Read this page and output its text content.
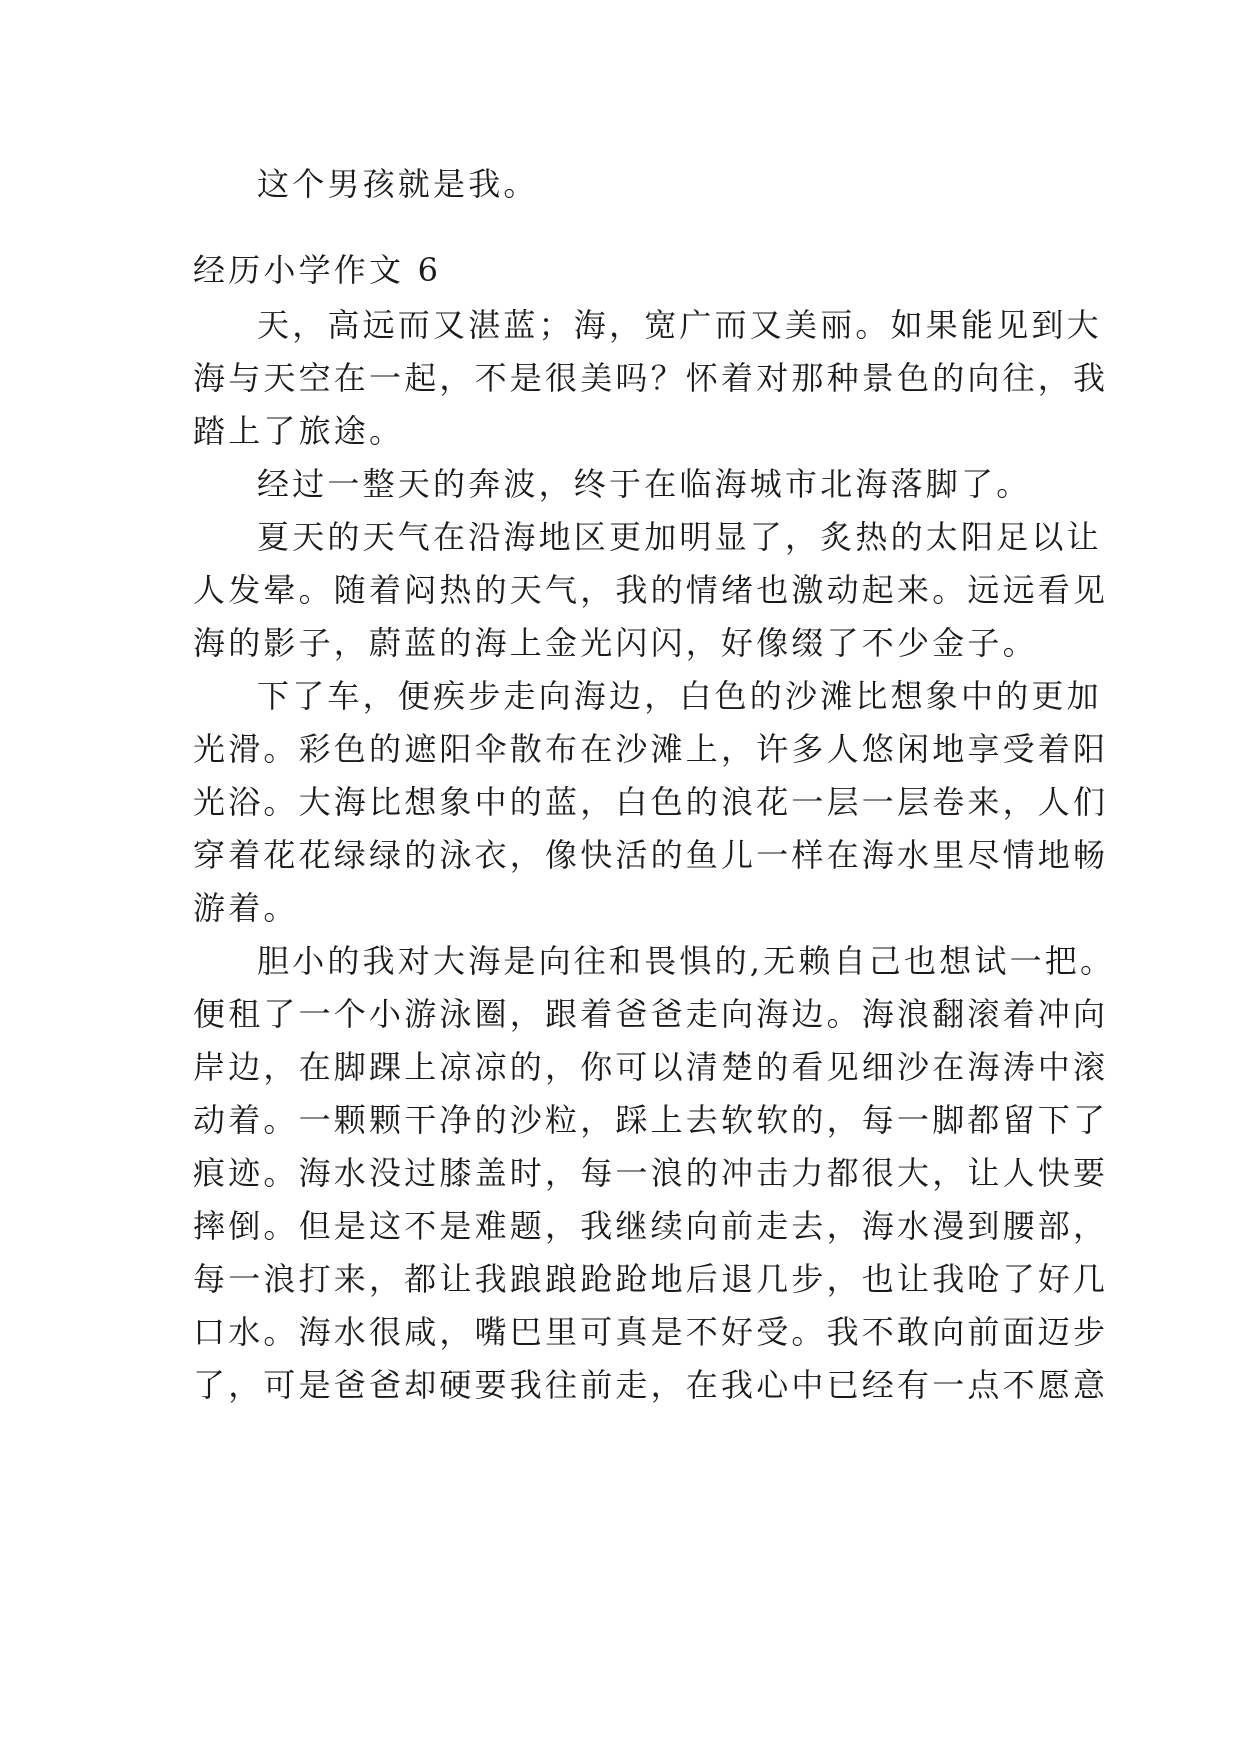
这个男孩就是我。
经历小学作文 6
天，高远而又湛蓝；海，宽广而又美丽。如果能见到大
海与天空在一起，不是很美吗？怀着对那种景色的向往，我
踏上了旅途。
经过一整天的奔波，终于在临海城市北海落脚了。
夏天的天气在沿海地区更加明显了，炙热的太阳足以让
人发晕。随着闷热的天气，我的情绪也激动起来。远远看见
海的影子，蔚蓝的海上金光闪闪，好像缀了不少金子。
下了车，便疾步走向海边，白色的沙滩比想象中的更加
光滑。彩色的遮阳伞散布在沙滩上，许多人悠闲地享受着阳
光浴。大海比想象中的蓝，白色的浪花一层一层卷来，人们
穿着花花绿绿的泳衣，像快活的鱼儿一样在海水里尽情地畅
游着。
胆小的我对大海是向往和畏惧的,无赖自己也想试一把。
便租了一个小游泳圈，跟着爸爸走向海边。海浪翻滚着冲向
岸边，在脚踝上凉凉的，你可以清楚的看见细沙在海涛中滚
动着。一颗颗干净的沙粒，踩上去软软的，每一脚都留下了
痕迹。海水没过膝盖时，每一浪的冲击力都很大，让人快要
摔倒。但是这不是难题，我继续向前走去，海水漫到腰部，
每一浪打来，都让我踉踉跄跄地后退几步，也让我呛了好几
口水。海水很咸，嘴巴里可真是不好受。我不敢向前面迈步
了，可是爸爸却硬要我往前走，在我心中已经有一点不愿意
